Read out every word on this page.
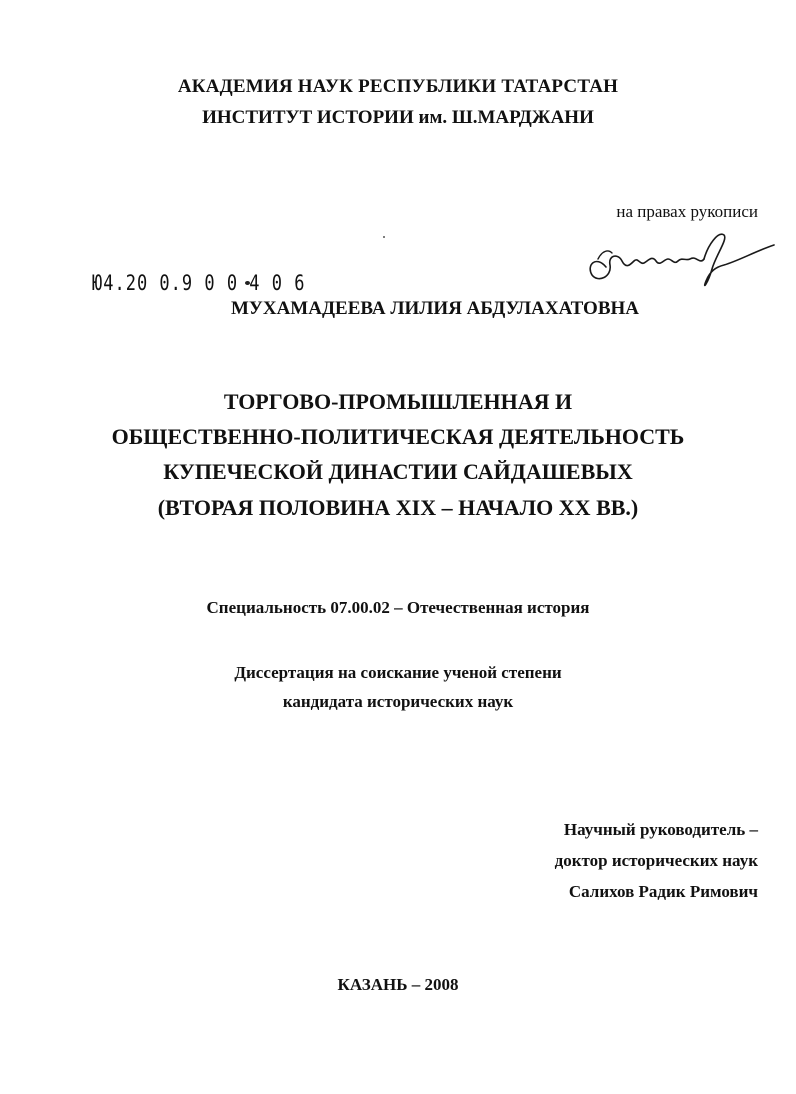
АКАДЕМИЯ НАУК РЕСПУБЛИКИ ТАТАРСТАН
ИНСТИТУТ ИСТОРИИ им. Ш.МАРДЖАНИ
на правах рукописи
Ю4.20 0.9 0 0 4 0 6
МУХАМАДЕЕВА ЛИЛИЯ АБДУЛАХАТОВНА
ТОРГОВО-ПРОМЫШЛЕННАЯ И
ОБЩЕСТВЕННО-ПОЛИТИЧЕСКАЯ ДЕЯТЕЛЬНОСТЬ
КУПЕЧЕСКОЙ ДИНАСТИИ САЙДАШЕВЫХ
(ВТОРАЯ ПОЛОВИНА XIX – НАЧАЛО XX ВВ.)
Специальность 07.00.02 – Отечественная история
Диссертация на соискание ученой степени
кандидата исторических наук
Научный руководитель –
доктор исторических наук
Салихов Радик Римович
КАЗАНЬ – 2008
